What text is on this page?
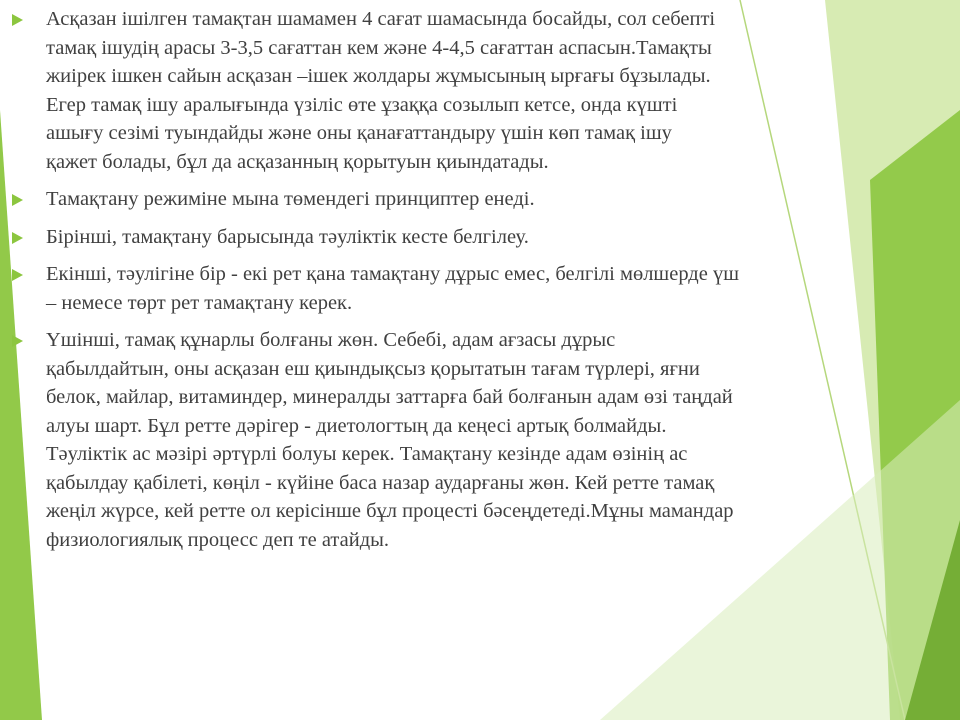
Асқазан ішілген тамақтан шамамен 4 сағат шамасында босайды, сол себепті
тамақ ішудің арасы 3-3,5 сағаттан кем және 4-4,5 сағаттан аспасын.Тамақты
жиірек ішкен сайын асқазан –ішек жолдары жұмысының ырғағы бұзылады.
Егер тамақ ішу аралығында үзіліс өте ұзаққа созылып кетсе, онда күшті
ашығу сезімі туындайды және оны қанағаттандыру үшін көп тамақ ішу
қажет болады, бұл да асқазанның қорытуын қиындатады.
Тамақтану режиміне мына төмендегі принциптер енеді.
Бірінші, тамақтану барысында тәуліктік кесте белгілеу.
Екінші, тәулігіне бір - екі рет қана тамақтану дұрыс емес, белгілі мөлшерде үш
– немесе төрт рет тамақтану керек.
Үшінші, тамақ құнарлы болғаны жөн. Себебі, адам ағзасы дұрыс
қабылдайтын, оны асқазан еш қиындықсыз қорытатын тағам түрлері, яғни
белок, майлар, витаминдер, минералды заттарға бай болғанын адам өзі таңдай
алуы шарт. Бұл ретте дәрігер - диетологтың да кеңесі артық болмайды.
Тәуліктік ас мәзірі әртүрлі болуы керек. Тамақтану кезінде адам өзінің ас
қабылдау қабілеті, көңіл - күйіне баса назар аударғаны жөн. Кей ретте тамақ
жеңіл жүрсе, кей ретте ол керісінше бұл процесті бәсеңдетеді.Мұны мамандар
физиологиялық процесс деп те атайды.
